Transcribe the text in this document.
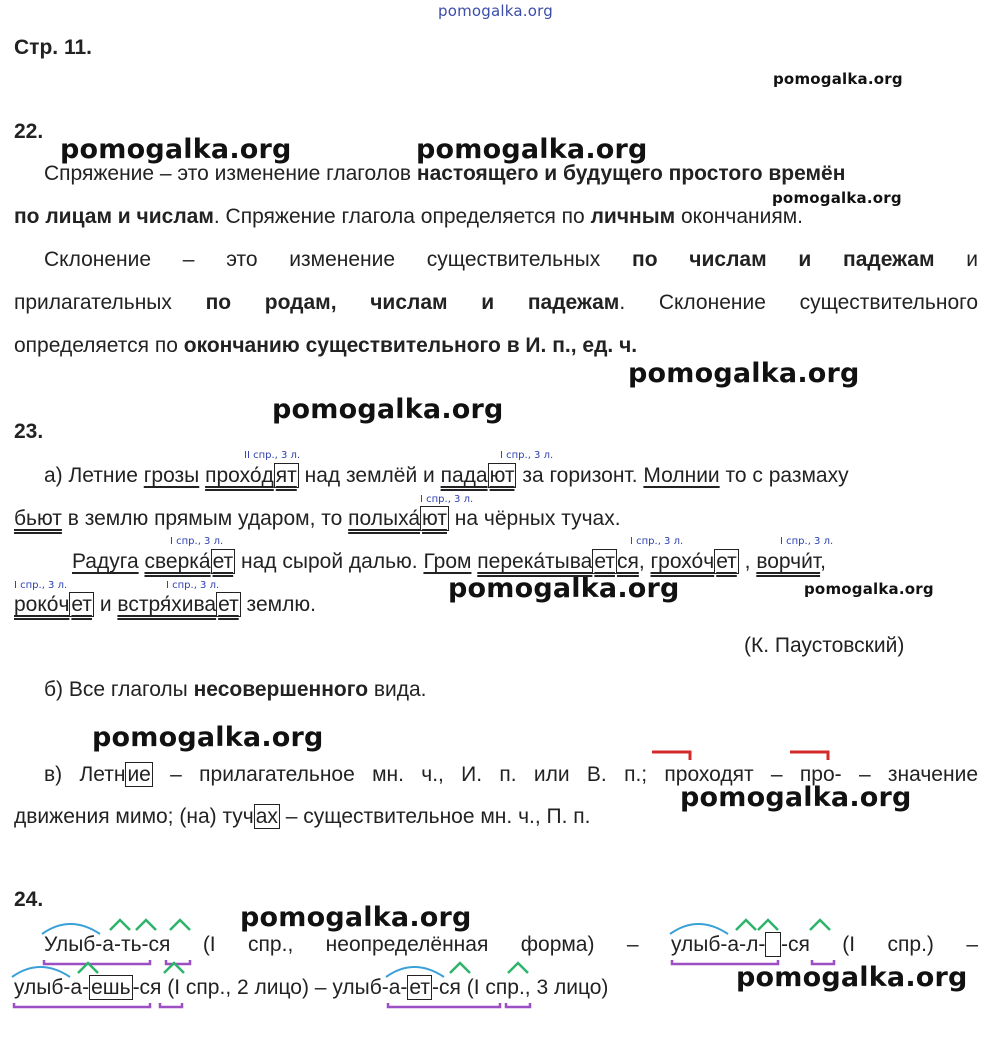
pomogalka.org
pomogalka.org
pomogalka.org	pomogalka.org
pomogalka.org
pomogalka.org
pomogalka.org
pomogalka.org	pomogalka.org
pomogalka.org
pomogalka.org
pomogalka.org
pomogalka.org
Стр. 11.
22.
Спряжение – это изменение глаголов настоящего и будущего простого времён
по лицам и числам. Спряжение глагола определяется по личным окончаниям.
Склонение – это изменение существительных по числам и падежам и
прилагательных по родам, числам и падежам. Склонение существительного
определяется по окончанию существительного в И. п., ед. ч.
23.
II спр., 3 л.	I спр., 3 л.
а) Летние грозы прохо́дят над землёй и падают за горизонт. Молнии то с размаху
I спр., 3 л.
бьют в землю прямым ударом, то полыха́ют на чёрных тучах.
I спр., 3 л.	I спр., 3 л.	I спр., 3 л.
Радуга сверка́ет над сырой далью. Гром перека́тывается, грохо́чет , ворчи́т,
I спр., 3 л.	I спр., 3 л.
роко́чет и встря́хивает землю.
(К. Паустовский)
б) Все глаголы несовершенного вида.
в) Летние – прилагательное мн. ч., И. п. или В. п.; проходят – про- – значение
движения мимо; (на) тучах – существительное мн. ч., П. п.
24.
Улыб-а-ть-ся (I спр., неопределённая форма) – улыб-а-л-  -ся (I спр.) –
улыб-а-ешь-ся (I спр., 2 лицо) – улыб-а-ет-ся (I спр., 3 лицо)
